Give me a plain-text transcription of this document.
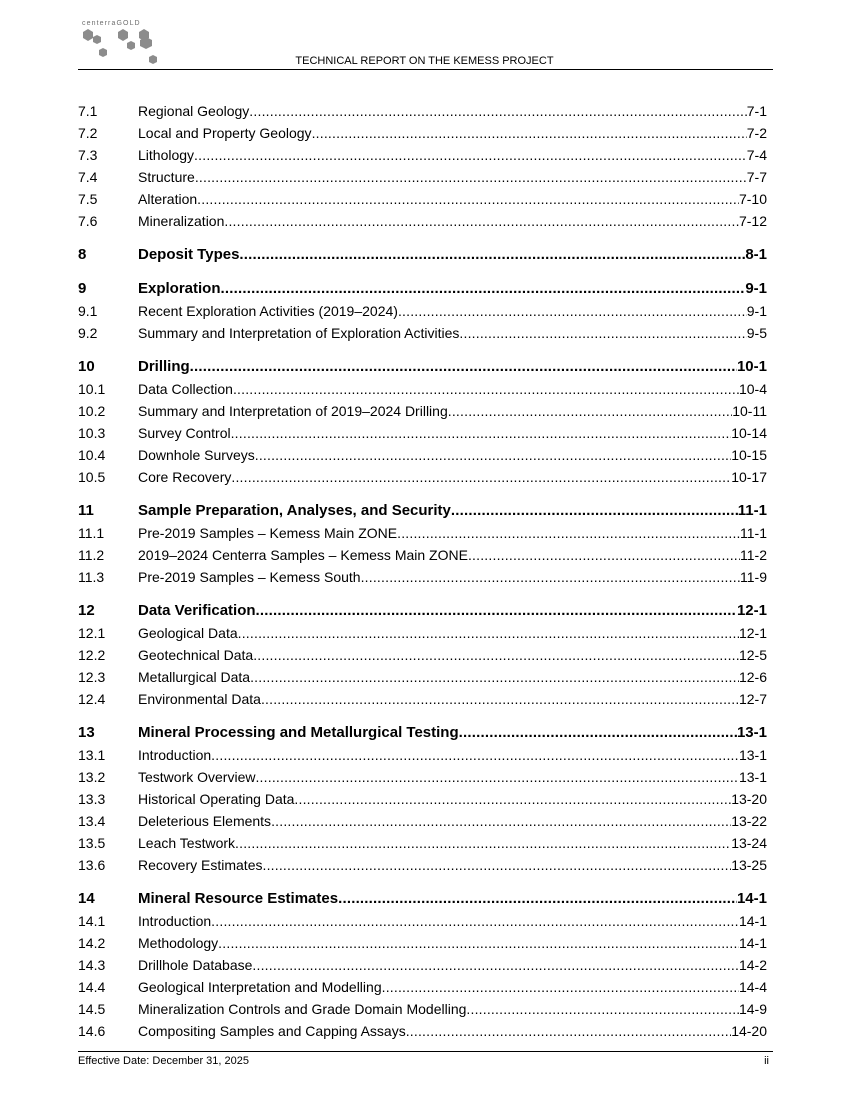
centerraGOLD
TECHNICAL REPORT ON THE KEMESS PROJECT
7.1	Regional Geology .....	7-1
7.2	Local and Property Geology .....	7-2
7.3	Lithology .....	7-4
7.4	Structure .....	7-7
7.5	Alteration .....	7-10
7.6	Mineralization .....	7-12
8	Deposit Types .....	8-1
9	Exploration .....	9-1
9.1	Recent Exploration Activities (2019–2024) .....	9-1
9.2	Summary and Interpretation of Exploration Activities .....	9-5
10	Drilling .....	10-1
10.1	Data Collection .....	10-4
10.2	Summary and Interpretation of 2019–2024 Drilling .....	10-11
10.3	Survey Control .....	10-14
10.4	Downhole Surveys .....	10-15
10.5	Core Recovery .....	10-17
11	Sample Preparation, Analyses, and Security .....	11-1
11.1	Pre-2019 Samples – Kemess Main ZONE .....	11-1
11.2	2019–2024 Centerra Samples – Kemess Main ZONE .....	11-2
11.3	Pre-2019 Samples – Kemess South .....	11-9
12	Data Verification .....	12-1
12.1	Geological Data .....	12-1
12.2	Geotechnical Data .....	12-5
12.3	Metallurgical Data .....	12-6
12.4	Environmental Data .....	12-7
13	Mineral Processing and Metallurgical Testing .....	13-1
13.1	Introduction .....	13-1
13.2	Testwork Overview .....	13-1
13.3	Historical Operating Data .....	13-20
13.4	Deleterious Elements .....	13-22
13.5	Leach Testwork .....	13-24
13.6	Recovery Estimates .....	13-25
14	Mineral Resource Estimates .....	14-1
14.1	Introduction .....	14-1
14.2	Methodology .....	14-1
14.3	Drillhole Database .....	14-2
14.4	Geological Interpretation and Modelling .....	14-4
14.5	Mineralization Controls and Grade Domain Modelling .....	14-9
14.6	Compositing Samples and Capping Assays .....	14-20
Effective Date: December 31, 2025	ii
